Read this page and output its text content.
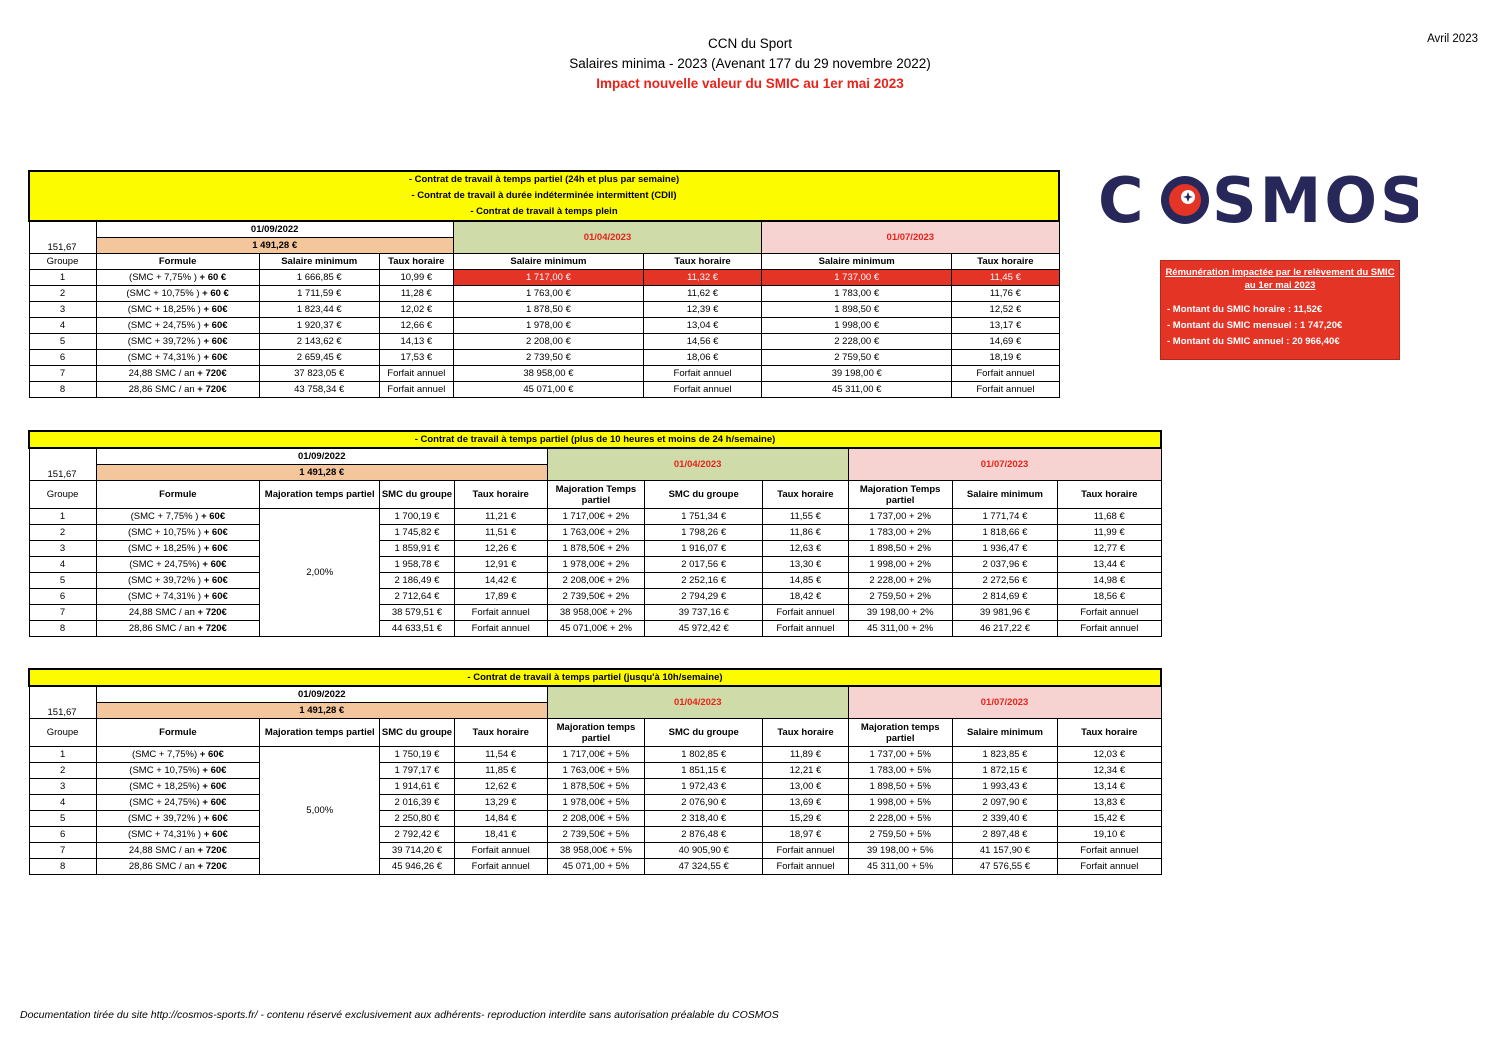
CCN du Sport
Salaires minima - 2023 (Avenant 177 du 29 novembre 2022)
Impact nouvelle valeur du SMIC au 1er mai 2023
Avril 2023
C SMOS
Rémunération impactée par le relèvement du SMIC au 1er mai 2023
- Montant du SMIC horaire : 11,52€
- Montant du SMIC mensuel : 1 747,20€
- Montant du SMIC annuel : 20 966,40€
- Contrat de travail à temps partiel (24h et plus par semaine)
- Contrat de travail à durée indéterminée intermittent (CDII)
- Contrat de travail à temps plein							

151,67	01/09/2022			01/04/2023		01/07/2023	
	1 491,28 €						
Groupe	Formule	Salaire minimum	Taux horaire	Salaire minimum	Taux horaire	Salaire minimum	Taux horaire
1	(SMC + 7,75% ) + 60 €	1 666,85 €	10,99 €	1 717,00 €	11,32 €	1 737,00 €	11,45 €
2	(SMC + 10,75% ) + 60 €	1 711,59 €	11,28 €	1 763,00 €	11,62 €	1 783,00 €	11,76 €
3	(SMC + 18,25% ) + 60€	1 823,44 €	12,02 €	1 878,50 €	12,39 €	1 898,50 €	12,52 €
4	(SMC + 24,75% ) + 60€	1 920,37 €	12,66 €	1 978,00 €	13,04 €	1 998,00 €	13,17 €
5	(SMC + 39,72% ) + 60€	2 143,62 €	14,13 €	2 208,00 €	14,56 €	2 228,00 €	14,69 €
6	(SMC + 74,31% ) + 60€	2 659,45 €	17,53 €	2 739,50 €	18,06 €	2 759,50 €	18,19 €
7	24,88 SMC / an + 720€	37 823,05 €	Forfait annuel	38 958,00 €	Forfait annuel	39 198,00 €	Forfait annuel
8	28,86 SMC / an + 720€	43 758,34 €	Forfait annuel	45 071,00 €	Forfait annuel	45 311,00 €	Forfait annuel
- Contrat de travail à temps partiel (plus de 10 heures et moins de 24 h/semaine)										
151,67	01/09/2022				01/04/2023			01/07/2023		
	1 491,28 €									
Groupe	Formule	Majoration temps partiel	SMC du groupe	Taux horaire	Majoration Temps partiel	SMC du groupe	Taux horaire	Majoration Temps partiel	Salaire minimum	Taux horaire
1	(SMC + 7,75% ) + 60€	2,00%	1 700,19 €	11,21 €	1 717,00€ + 2%	1 751,34 €	11,55 €	1 737,00 + 2%	1 771,74 €	11,68 €
2	(SMC + 10,75% ) + 60€		1 745,82 €	11,51 €	1 763,00€ + 2%	1 798,26 €	11,86 €	1 783,00 + 2%	1 818,66 €	11,99 €
3	(SMC + 18,25% ) + 60€		1 859,91 €	12,26 €	1 878,50€ + 2%	1 916,07 €	12,63 €	1 898,50 + 2%	1 936,47 €	12,77 €
4	(SMC + 24,75%) + 60€		1 958,78 €	12,91 €	1 978,00€ + 2%	2 017,56 €	13,30 €	1 998,00 + 2%	2 037,96 €	13,44 €
5	(SMC + 39,72% ) + 60€		2 186,49 €	14,42 €	2 208,00€ + 2%	2 252,16 €	14,85 €	2 228,00 + 2%	2 272,56 €	14,98 €
6	(SMC + 74,31% ) + 60€		2 712,64 €	17,89 €	2 739,50€ + 2%	2 794,29 €	18,42 €	2 759,50 + 2%	2 814,69 €	18,56 €
7	24,88 SMC / an + 720€		38 579,51 €	Forfait annuel	38 958,00€ + 2%	39 737,16 €	Forfait annuel	39 198,00 + 2%	39 981,96 €	Forfait annuel
8	28,86 SMC / an + 720€		44 633,51 €	Forfait annuel	45 071,00€ + 2%	45 972,42 €	Forfait annuel	45 311,00 + 2%	46 217,22 €	Forfait annuel
- Contrat de travail à temps partiel (jusqu'à 10h/semaine)										
151,67	01/09/2022				01/04/2023			01/07/2023		
	1 491,28 €									
Groupe	Formule	Majoration temps partiel	SMC du groupe	Taux horaire	Majoration temps partiel	SMC du groupe	Taux horaire	Majoration temps partiel	Salaire minimum	Taux horaire
1	(SMC + 7,75%) + 60€	5,00%	1 750,19 €	11,54 €	1 717,00€ + 5%	1 802,85 €	11,89 €	1 737,00 + 5%	1 823,85 €	12,03 €
2	(SMC + 10,75%) + 60€		1 797,17 €	11,85 €	1 763,00€ + 5%	1 851,15 €	12,21 €	1 783,00 + 5%	1 872,15 €	12,34 €
3	(SMC + 18,25%) + 60€		1 914,61 €	12,62 €	1 878,50€ + 5%	1 972,43 €	13,00 €	1 898,50 + 5%	1 993,43 €	13,14 €
4	(SMC + 24,75%) + 60€		2 016,39 €	13,29 €	1 978,00€ + 5%	2 076,90 €	13,69 €	1 998,00 + 5%	2 097,90 €	13,83 €
5	(SMC + 39,72% ) + 60€		2 250,80 €	14,84 €	2 208,00€ + 5%	2 318,40 €	15,29 €	2 228,00 + 5%	2 339,40 €	15,42 €
6	(SMC + 74,31% ) + 60€		2 792,42 €	18,41 €	2 739,50€ + 5%	2 876,48 €	18,97 €	2 759,50 + 5%	2 897,48 €	19,10 €
7	24,88 SMC / an + 720€		39 714,20 €	Forfait annuel	38 958,00€ + 5%	40 905,90 €	Forfait annuel	39 198,00 + 5%	41 157,90 €	Forfait annuel
8	28,86 SMC / an + 720€		45 946,26 €	Forfait annuel	45 071,00 + 5%	47 324,55 €	Forfait annuel	45 311,00 + 5%	47 576,55 €	Forfait annuel
Documentation tirée du site http://cosmos-sports.fr/ - contenu réservé exclusivement aux adhérents- reproduction interdite sans autorisation préalable du COSMOS
